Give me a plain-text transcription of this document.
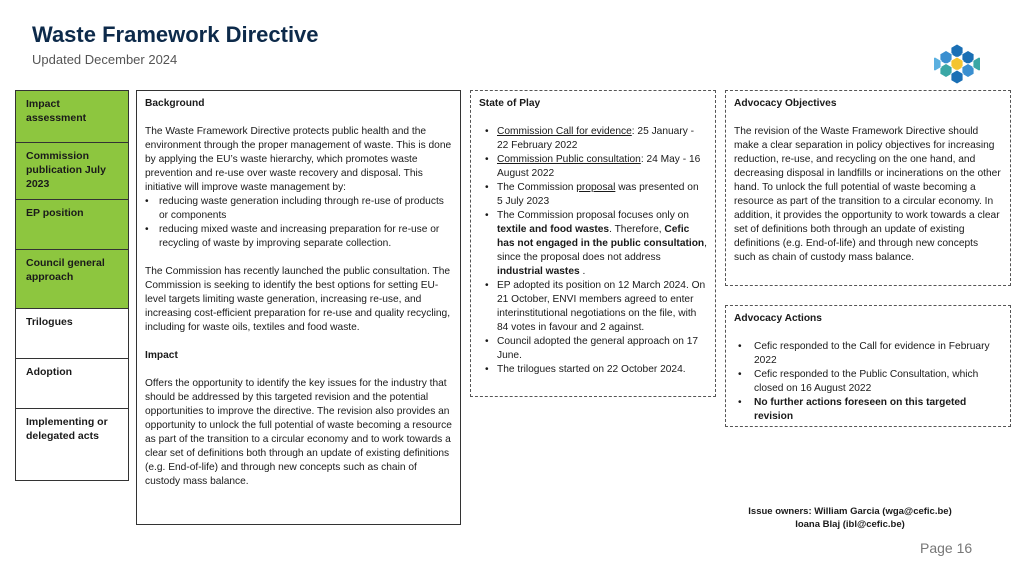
Waste Framework Directive
Updated December 2024
Impact assessment
Commission publication July 2023
EP position
Council general approach
Trilogues
Adoption
Implementing or delegated acts
Background

The Waste Framework Directive protects public health and the environment through the proper management of waste. This is done by applying the EU’s waste hierarchy, which promotes waste prevention and re-use over waste recovery and disposal. This initiative will improve waste management by:

• reducing waste generation including through re-use of products or components
• reducing mixed waste and increasing preparation for re-use or recycling of waste by improving separate collection.

The Commission has recently launched the public consultation. The Commission is seeking to identify the best options for setting EU-level targets limiting waste generation, increasing re-use, and increasing cost-efficient preparation for re-use and quality recycling, including for waste oils, textiles and food waste.

Impact

Offers the opportunity to identify the key issues for the industry that should be addressed by this targeted revision and the potential opportunities to improve the directive. The revision also provides an opportunity to unlock the full potential of waste becoming a resource as part of the transition to a circular economy and to work towards a clear set of definitions both through an update of existing definitions (e.g. End-of-life) and through new concepts such as chain of custody mass balance.

State of Play
• Commission Call for evidence: 25 January - 22 February 2022
• Commission Public consultation: 24 May - 16 August 2022
• The Commission proposal was presented on 5 July 2023
• The Commission proposal focuses only on textile and food wastes. Therefore, Cefic has not engaged in the public consultation, since the proposal does not address industrial wastes .
• EP adopted its position on 12 March 2024. On 21 October, ENVI members agreed to enter interinstitutional negotiations on the file, with 84 votes in favour and 2 against.
• Council adopted the general approach on 17 June.
• The trilogues started on 22 October 2024.
Advocacy Objectives

The revision of the Waste Framework Directive should make a clear separation in policy objectives for increasing reduction, re-use, and recycling on the one hand, and decreasing disposal in landfills or incinerations on the other hand. To unlock the full potential of waste becoming a resource as part of the transition to a circular economy. In addition, it provides the opportunity to work towards a clear set of definitions both through an update of existing definitions (e.g. End-of-life) and through new concepts such as chain of custody mass balance.

Advocacy Actions
• Cefic responded to the Call for evidence in February 2022
• Cefic responded to the Public Consultation, which closed on 16 August 2022
• No further actions foreseen on this targeted revision
Issue owners: William Garcia (wga@cefic.be)
Ioana Blaj (ibl@cefic.be)
Page 16
